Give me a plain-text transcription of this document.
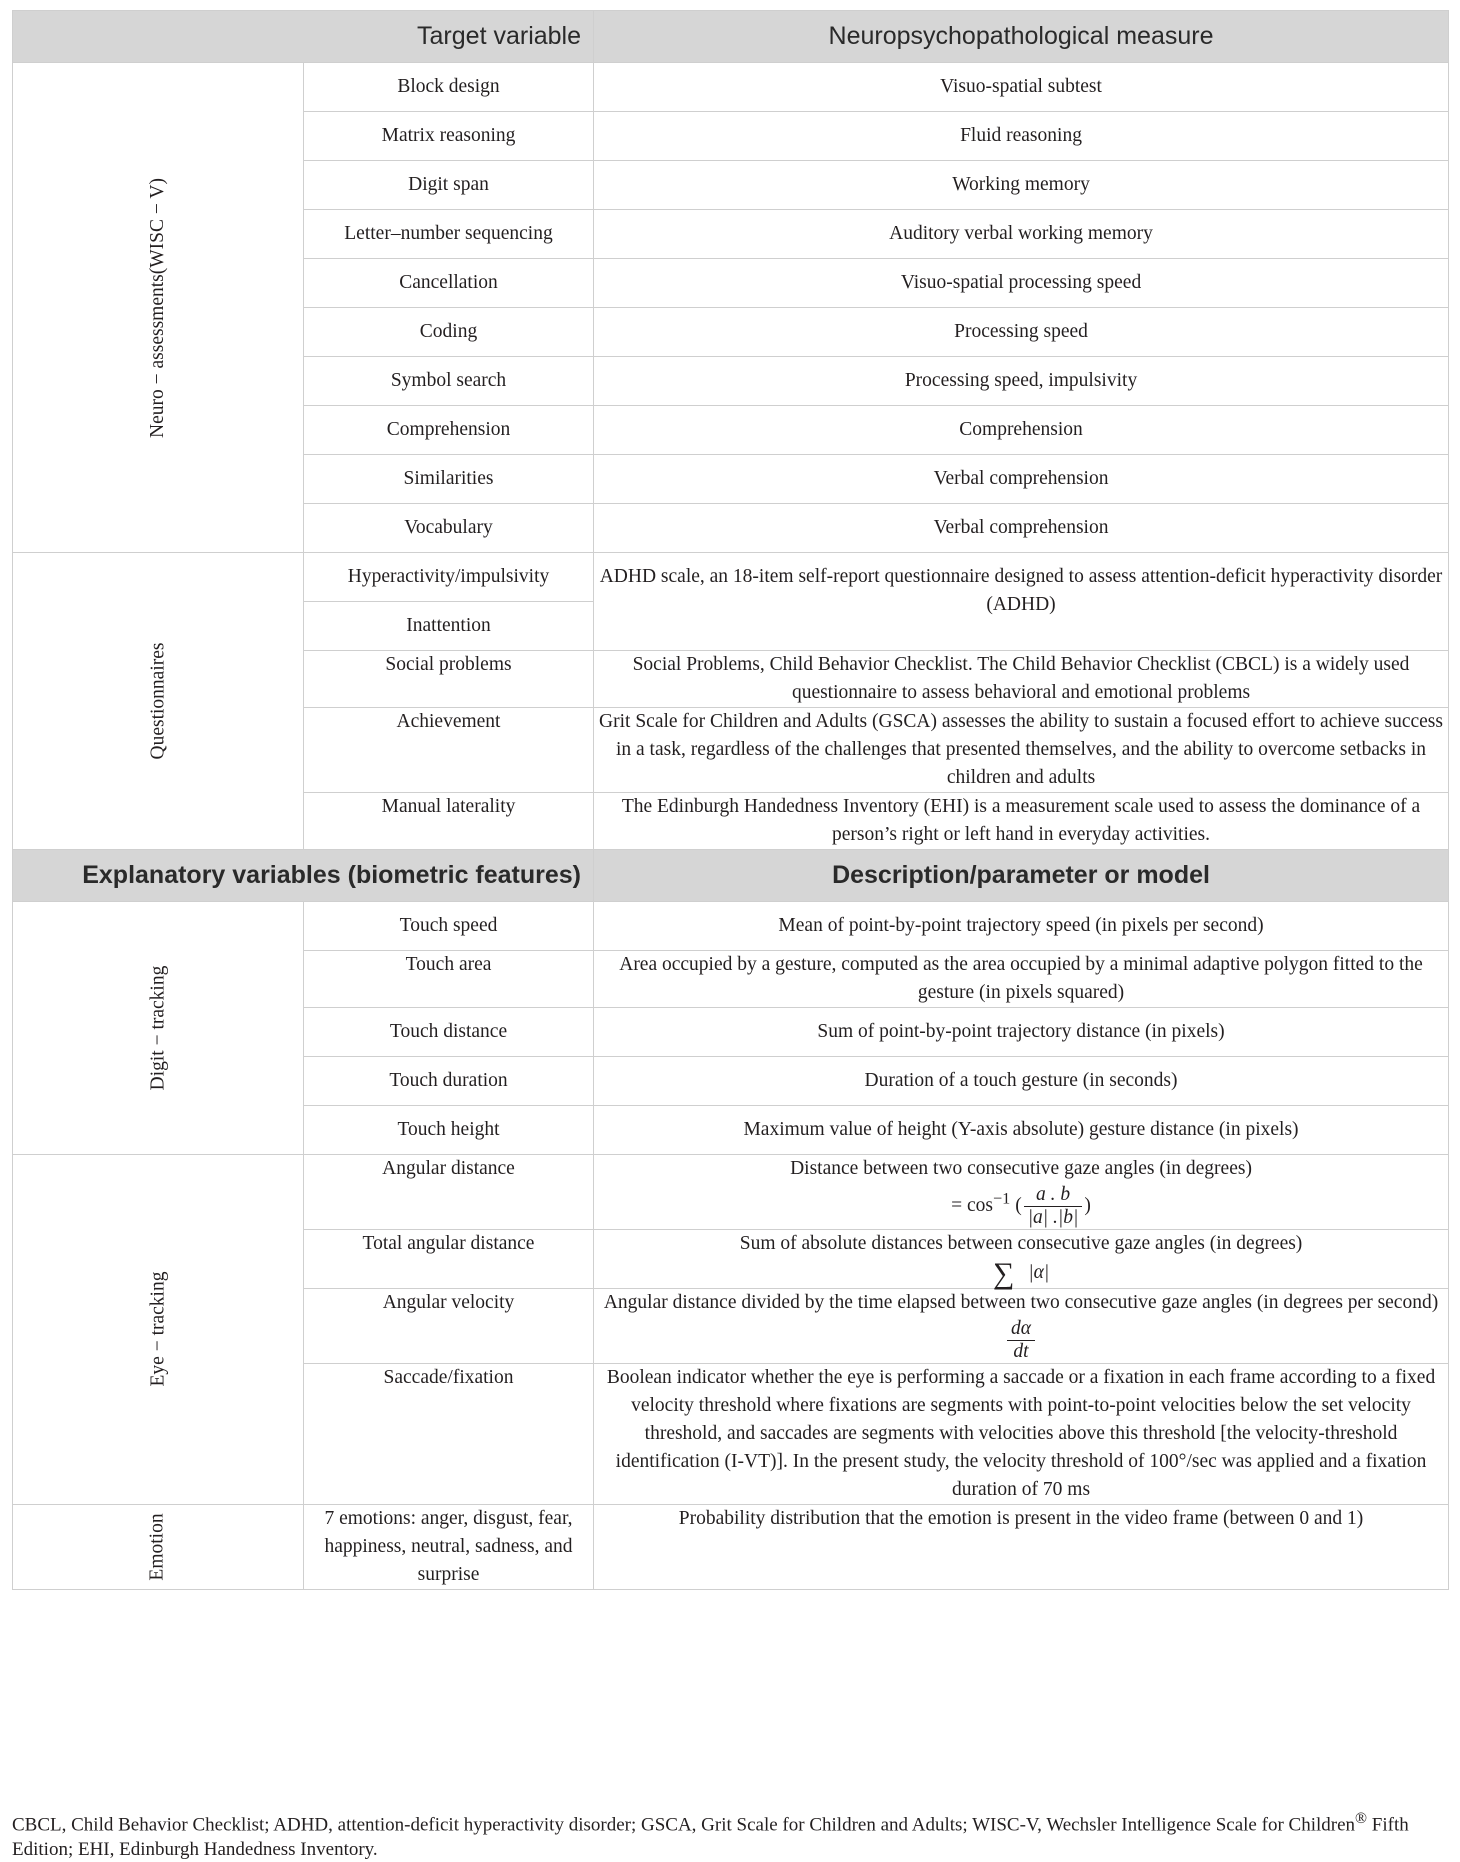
Target variable		Neuropsychopathological measure
Neuro − assessments(WISC − V)	Block design	Visuo-spatial subtest
	Matrix reasoning	Fluid reasoning
	Digit span	Working memory
	Letter–number sequencing	Auditory verbal working memory
	Cancellation	Visuo-spatial processing speed
	Coding	Processing speed
	Symbol search	Processing speed, impulsivity
	Comprehension	Comprehension
	Similarities	Verbal comprehension
	Vocabulary	Verbal comprehension
Questionnaires	Hyperactivity/impulsivity	ADHD scale, an 18-item self-report questionnaire designed to assess attention-deficit hyperactivity disorder (ADHD)
	Inattention	
	Social problems	Social Problems, Child Behavior Checklist. The Child Behavior Checklist (CBCL) is a widely used questionnaire to assess behavioral and emotional problems
	Achievement	Grit Scale for Children and Adults (GSCA) assesses the ability to sustain a focused effort to achieve success in a task, regardless of the challenges that presented themselves, and the ability to overcome setbacks in children and adults
	Manual laterality	The Edinburgh Handedness Inventory (EHI) is a measurement scale used to assess the dominance of a person’s right or left hand in everyday activities.
Explanatory variables (biometric features)		Description/parameter or model
Digit − tracking	Touch speed	Mean of point-by-point trajectory speed (in pixels per second)
	Touch area	Area occupied by a gesture, computed as the area occupied by a minimal adaptive polygon fitted to the gesture (in pixels squared)
	Touch distance	Sum of point-by-point trajectory distance (in pixels)
	Touch duration	Duration of a touch gesture (in seconds)
	Touch height	Maximum value of height (Y-axis absolute) gesture distance (in pixels)
Eye − tracking	Angular distance	Distance between two consecutive gaze angles (in degrees)
= $\cos^{-1}$ ( $\frac{a . b}{|a| .|b|}$ )

	Total angular distance	Sum of absolute distances between consecutive gaze angles (in degrees)
∑ |α|

	Angular velocity	Angular distance divided by the time elapsed between two consecutive gaze angles (in degrees per second)
$\frac{d\alpha}{dt}$

	Saccade/fixation	Boolean indicator whether the eye is performing a saccade or a fixation in each frame according to a fixed velocity threshold where fixations are segments with point-to-point velocities below the set velocity threshold, and saccades are segments with velocities above this threshold [the velocity-threshold identification (I-VT)]. In the present study, the velocity threshold of 100°/sec was applied and a fixation duration of 70 ms
Emotion	7 emotions: anger, disgust, fear, happiness, neutral, sadness, and surprise	Probability distribution that the emotion is present in the video frame (between 0 and 1)
CBCL, Child Behavior Checklist; ADHD, attention-deficit hyperactivity disorder; GSCA, Grit Scale for Children and Adults; WISC-V, Wechsler Intelligence Scale for Children® Fifth Edition; EHI, Edinburgh Handedness Inventory.
